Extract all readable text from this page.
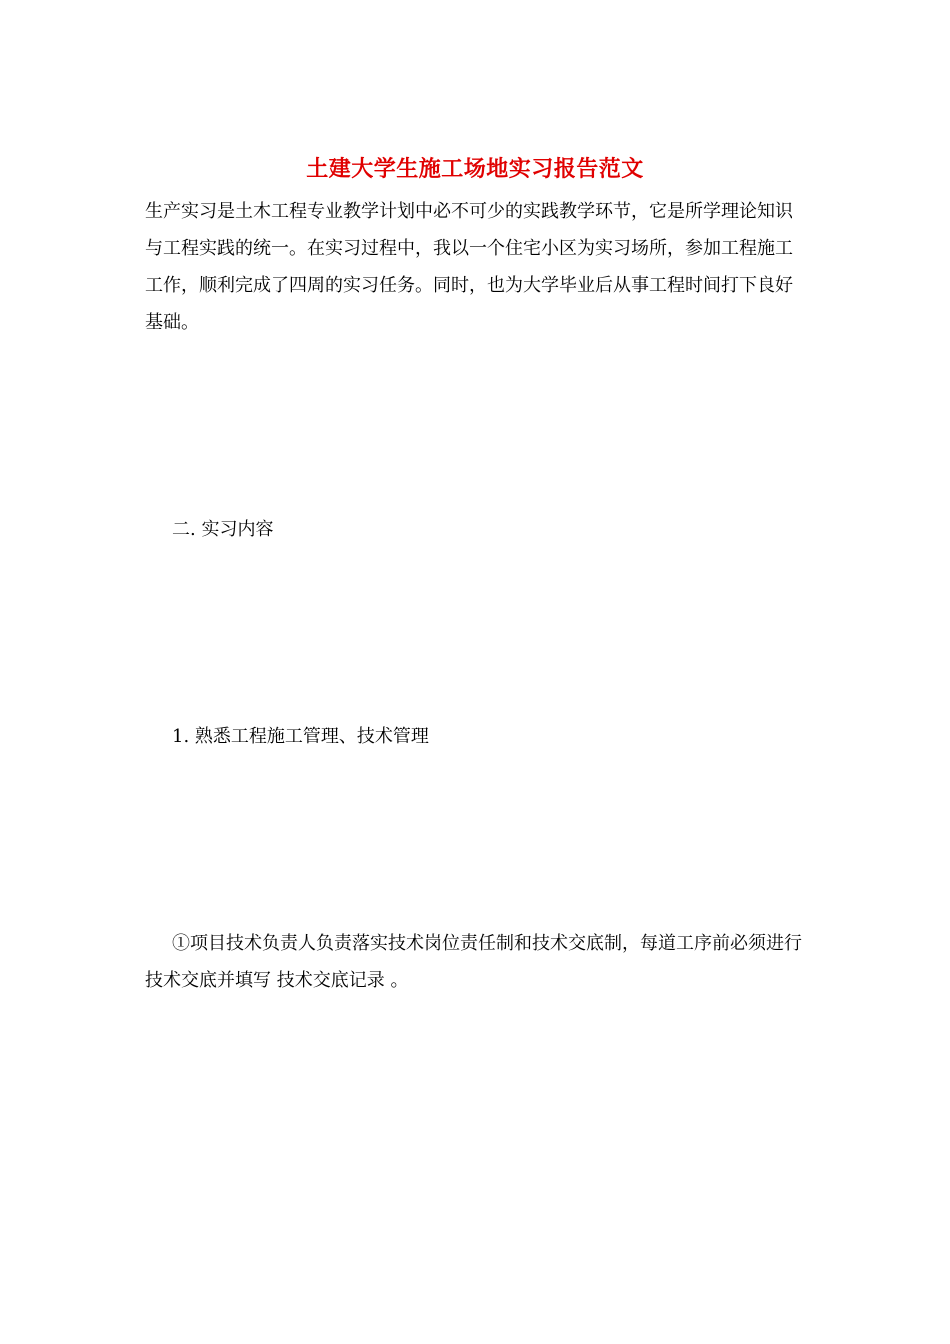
土建大学生施工场地实习报告范文

生产实习是土木工程专业教学计划中必不可少的实践教学环节，它是所学理论知识与工程实践的统一。在实习过程中，我以一个住宅小区为实习场所，参加工程施工工作，顺利完成了四周的实习任务。同时，也为大学毕业后从事工程时间打下良好基础。

二. 实习内容

1. 熟悉工程施工管理、技术管理

①项目技术负责人负责落实技术岗位责任制和技术交底制，每道工序前必须进行技术交底并填写 技术交底记录 。
